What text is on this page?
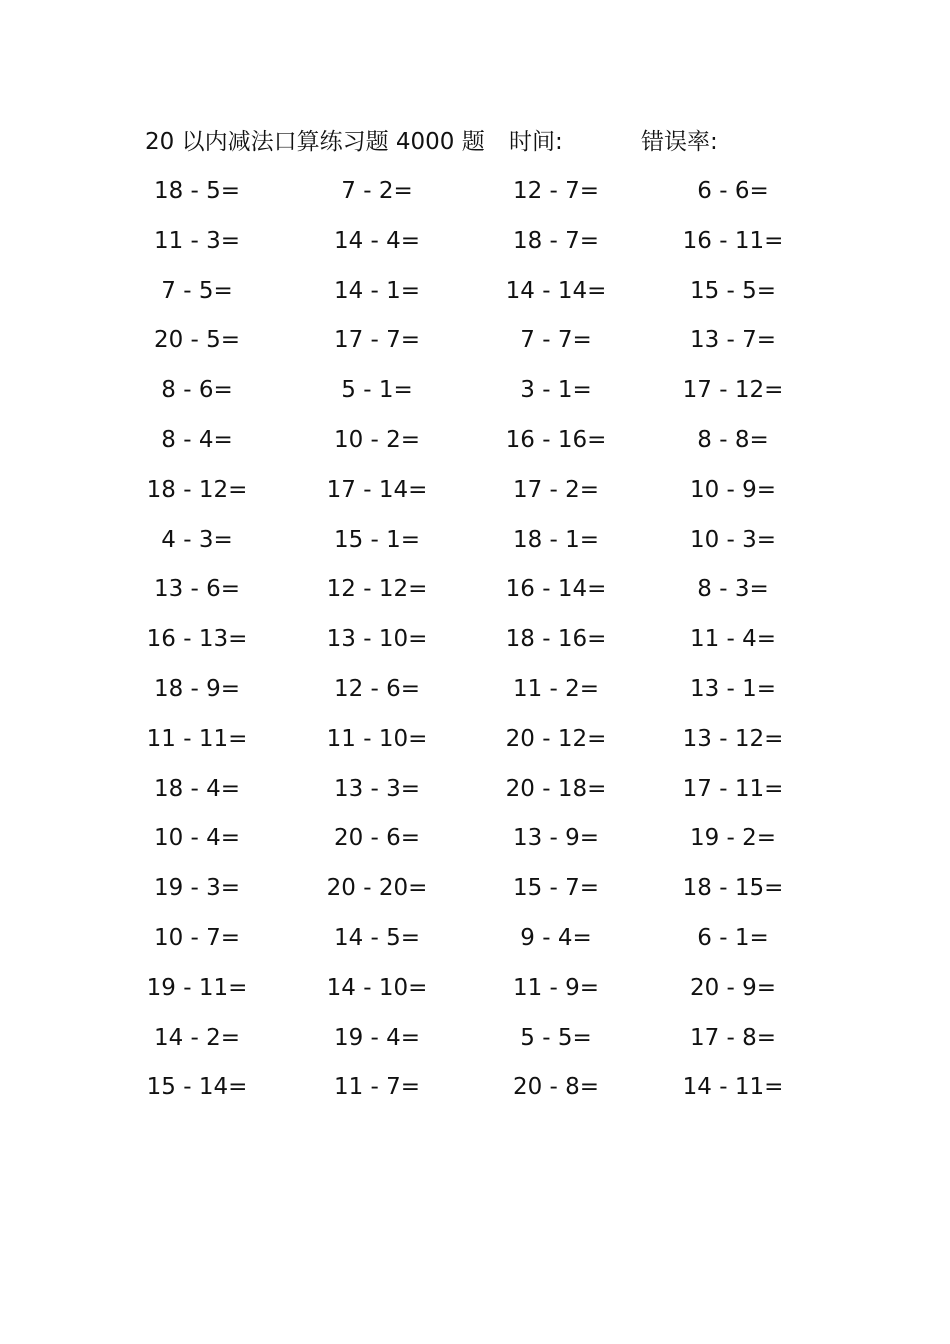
20 以内减法口算练习题 4000 题 时间:	错误率:
18 - 5=	7 - 2=	12 - 7=	6 - 6=
11 - 3=	14 - 4=	18 - 7=	16 - 11=
7 - 5=	14 - 1=	14 - 14=	15 - 5=
20 - 5=	17 - 7=	7 - 7=	13 - 7=
8 - 6=	5 - 1=	3 - 1=	17 - 12=
8 - 4=	10 - 2=	16 - 16=	8 - 8=
18 - 12=	17 - 14=	17 - 2=	10 - 9=
4 - 3=	15 - 1=	18 - 1=	10 - 3=
13 - 6=	12 - 12=	16 - 14=	8 - 3=
16 - 13=	13 - 10=	18 - 16=	11 - 4=
18 - 9=	12 - 6=	11 - 2=	13 - 1=
11 - 11=	11 - 10=	20 - 12=	13 - 12=
18 - 4=	13 - 3=	20 - 18=	17 - 11=
10 - 4=	20 - 6=	13 - 9=	19 - 2=
19 - 3=	20 - 20=	15 - 7=	18 - 15=
10 - 7=	14 - 5=	9 - 4=	6 - 1=
19 - 11=	14 - 10=	11 - 9=	20 - 9=
14 - 2=	19 - 4=	5 - 5=	17 - 8=
15 - 14=	11 - 7=	20 - 8=	14 - 11=
